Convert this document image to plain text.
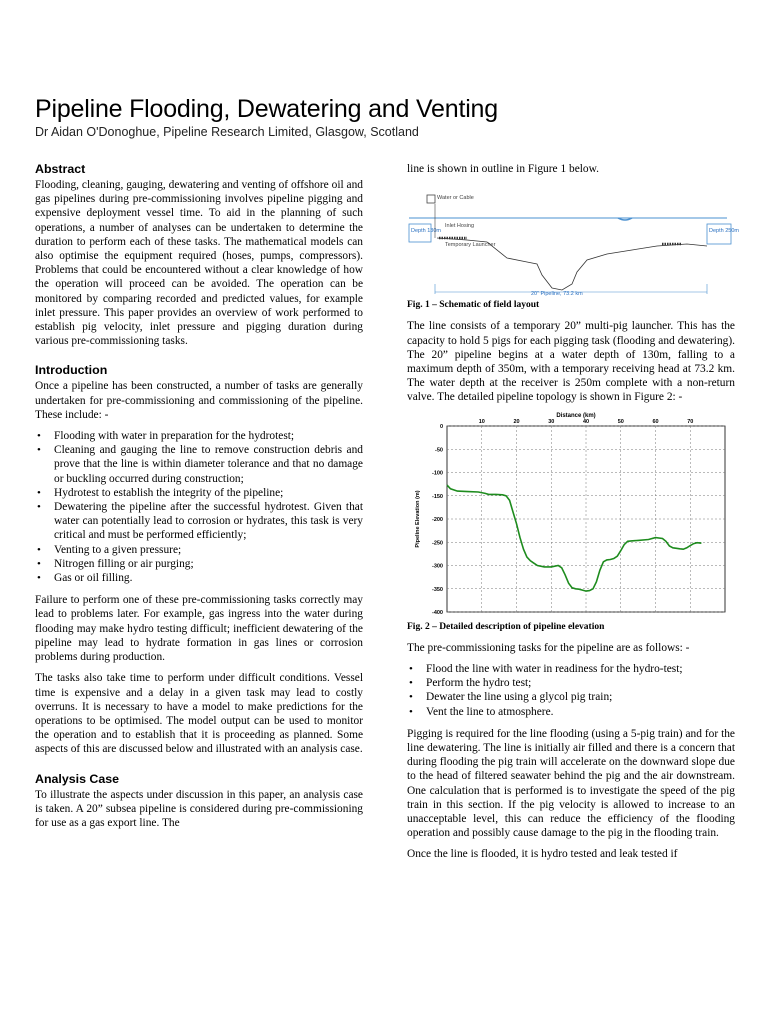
Pipeline Flooding, Dewatering and Venting
Dr Aidan O'Donoghue, Pipeline Research Limited, Glasgow, Scotland
Abstract

Flooding, cleaning, gauging, dewatering and venting of offshore oil and gas pipelines during pre-commissioning involves pipeline pigging and expensive deployment vessel time. To aid in the planning of such operations, a number of analyses can be undertaken to determine the duration to perform each of these tasks. The mathematical models can also optimise the equipment required (hoses, pumps, compressors). Problems that could be encountered without a clear knowledge of how the operation will proceed can be avoided. The operation can be monitored by comparing recorded and predicted values, for example inlet pressure. This paper provides an overview of work performed to establish pig velocity, inlet pressure and pigging duration during various pre-commissioning tasks.

Introduction

Once a pipeline has been constructed, a number of tasks are generally undertaken for pre-commissioning and commissioning of the pipeline. These include: -

• Flooding with water in preparation for the hydrotest;
• Cleaning and gauging the line to remove construction debris and prove that the line is within diameter tolerance and that no damage or buckling occurred during construction;
• Hydrotest to establish the integrity of the pipeline;
• Dewatering the pipeline after the successful hydrotest. Given that water can potentially lead to corrosion or hydrates, this task is very critical and must be performed efficiently;
• Venting to a given pressure;
• Nitrogen filling or air purging;
• Gas or oil filling.

Failure to perform one of these pre-commissioning tasks correctly may lead to problems later. For example, gas ingress into the water during flooding may make hydro testing difficult; inefficient dewatering of the pipeline may lead to hydrate formation in gas lines or corrosion problems during production.

The tasks also take time to perform under difficult conditions. Vessel time is expensive and a delay in a given task may lead to costly overruns. It is necessary to have a model to make predictions for the operations to be optimised. The model output can be used to monitor the operation and to establish that it is proceeding as planned. Some aspects of this are discussed below and illustrated with an analysis case.

Analysis Case

To illustrate the aspects under discussion in this paper, an analysis case is taken. A 20” subsea pipeline is considered during pre-commissioning for use as a gas export line. The

line is shown in outline in Figure 1 below.

Water or Cable
Depth 130m
Inlet Hosing
Temporary Launcher
Depth 250m
20” Pipeline, 73.2 km

Fig. 1 – Schematic of field layout

The line consists of a temporary 20” multi-pig launcher. This has the capacity to hold 5 pigs for each pigging task (flooding and dewatering). The 20” pipeline begins at a water depth of 130m, falling to a maximum depth of 350m, with a temporary receiving head at 73.2 km. The water depth at the receiver is 250m complete with a non-return valve. The detailed pipeline topology is shown in Figure 2: -

0
-50
-100
-150
-200
-250
-300
-350
-400
10	20	30	40	50	60	70
Distance (km)
Pipeline Elevation (m)

Fig. 2 – Detailed description of pipeline elevation

The pre-commissioning tasks for the pipeline are as follows: -

• Flood the line with water in readiness for the hydro-test;
• Perform the hydro test;
• Dewater the line using a glycol pig train;
• Vent the line to atmosphere.

Pigging is required for the line flooding (using a 5-pig train) and for the line dewatering. The line is initially air filled and there is a concern that during flooding the pig train will accelerate on the downward slope due to the head of filtered seawater behind the pig and the air downstream. One calculation that is performed is to investigate the speed of the pig train in this section. If the pig velocity is allowed to increase to an unacceptable level, this can reduce the efficiency of the flooding operation and possibly cause damage to the pig in the flooding train.

Once the line is flooded, it is hydro tested and leak tested if
